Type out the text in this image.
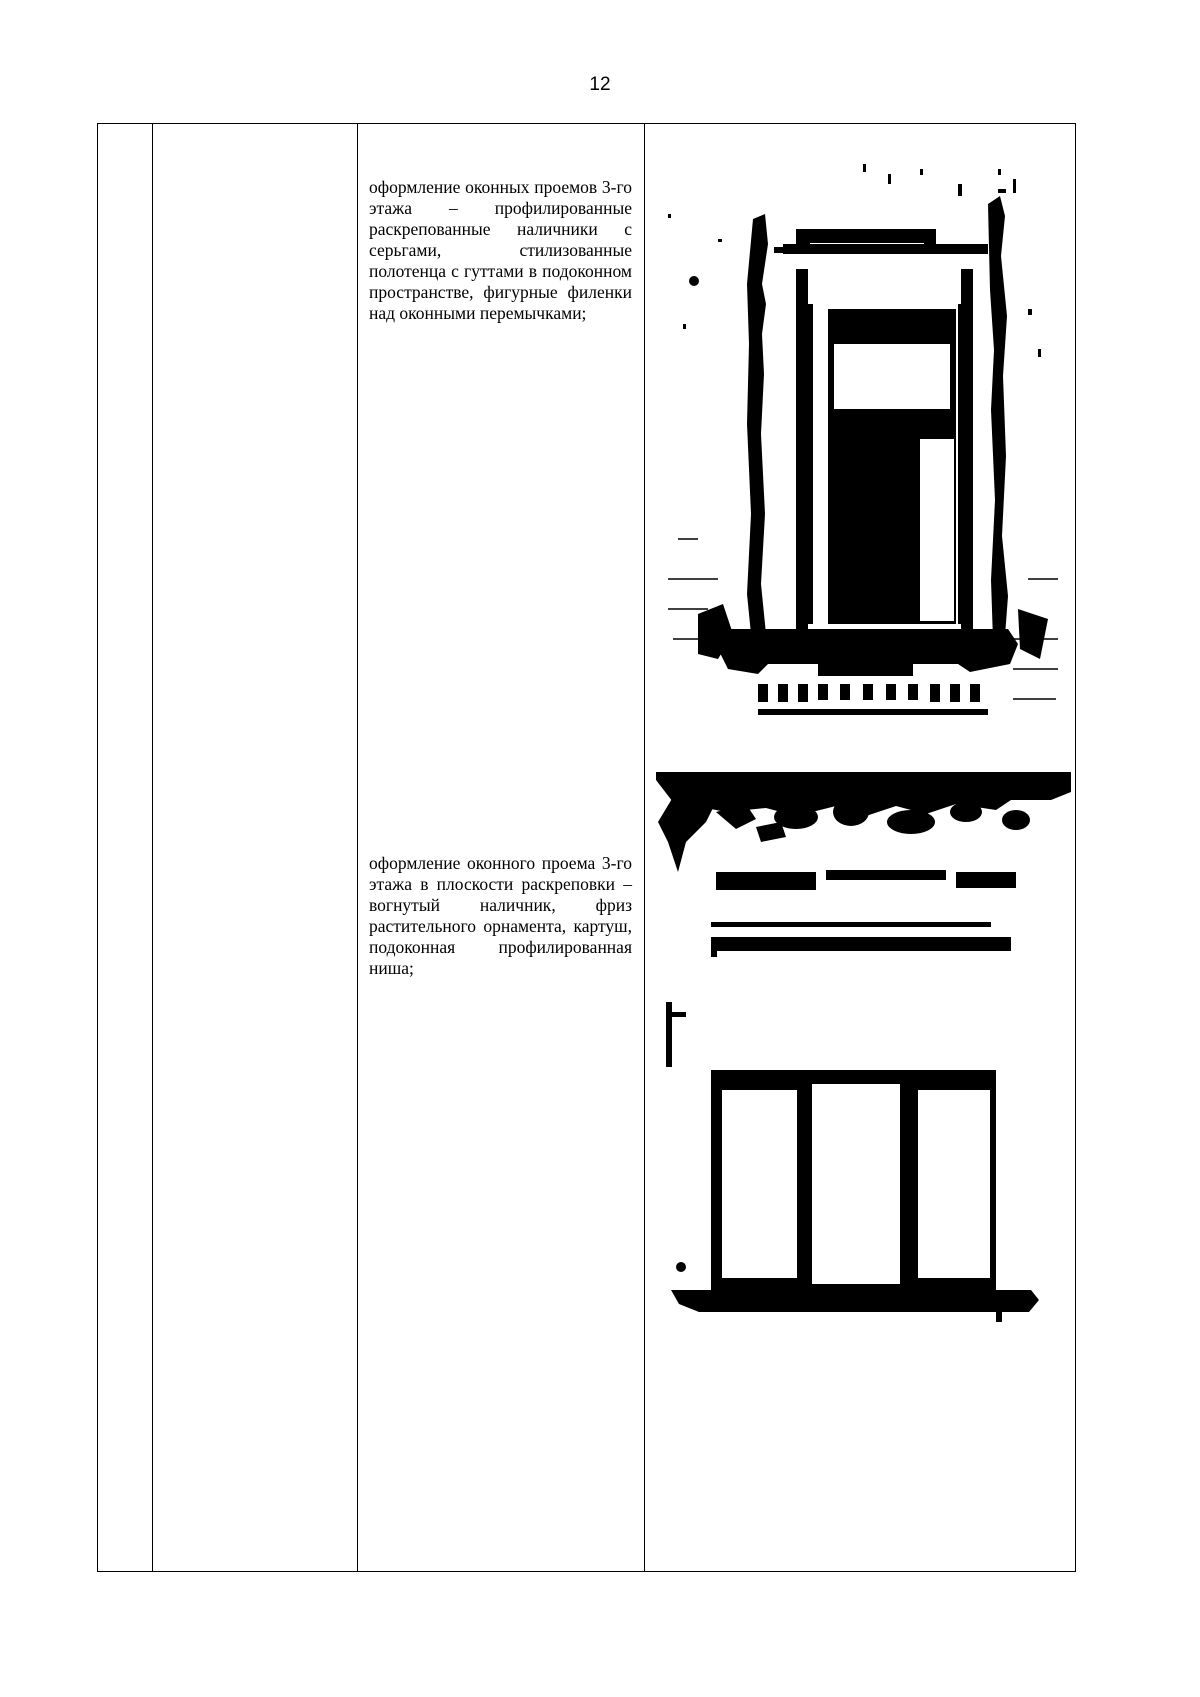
12

оформление оконных проемов 3-го этажа – профилированные раскрепованные наличники с серьгами, стилизованные полотенца с гуттами в подоконном пространстве, фигурные филенки над оконными перемычками;

оформление оконного проема 3-го этажа в плоскости раскреповки – вогнутый наличник, фриз растительного орнамента, картуш, подоконная профилированная ниша;
